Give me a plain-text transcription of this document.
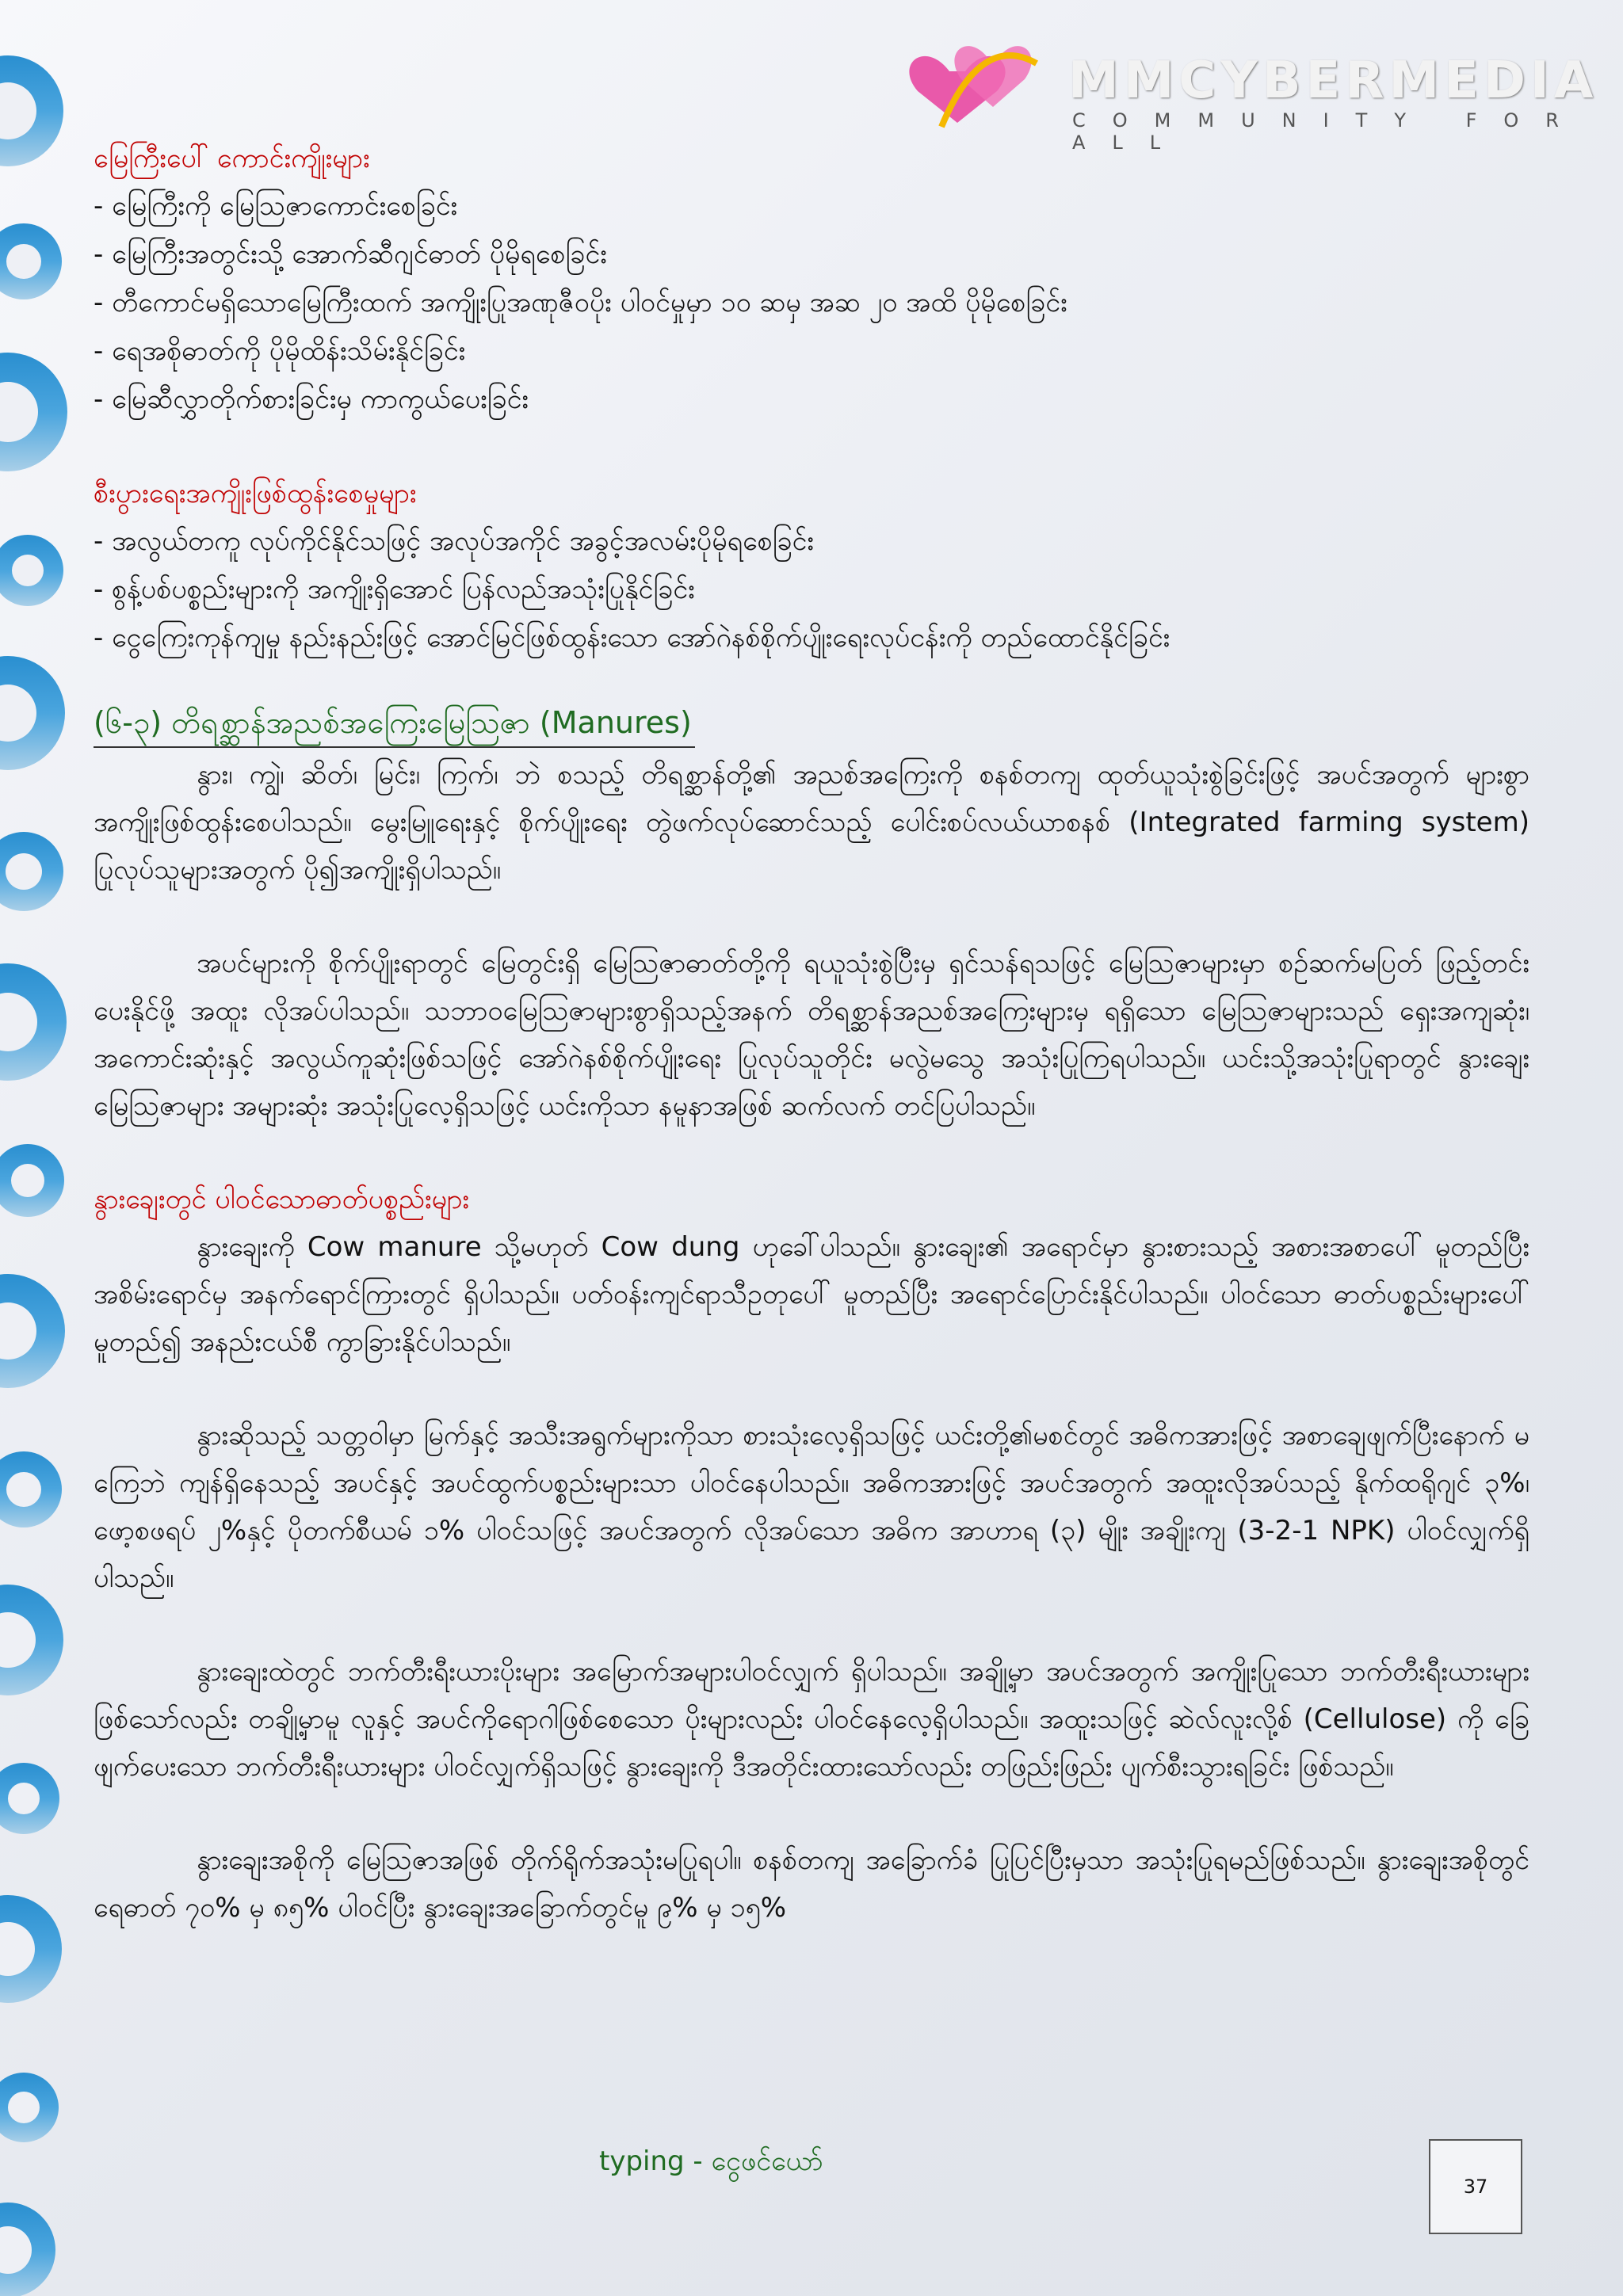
MMCYBERMEDIA
COMMUNITY FOR ALL

မြေကြီးပေါ် ကောင်းကျိုးများ

- မြေကြီးကို မြေဩဇာကောင်းစေခြင်း

- မြေကြီးအတွင်းသို့ အောက်ဆီဂျင်ဓာတ် ပိုမိုရစေခြင်း

- တီကောင်မရှိသောမြေကြီးထက် အကျိုးပြုအဏုဇီဝပိုး ပါဝင်မှုမှာ ၁၀ ဆမှ အဆ ၂၀ အထိ ပိုမိုစေခြင်း

- ရေအစိုဓာတ်ကို ပိုမိုထိန်းသိမ်းနိုင်ခြင်း

- မြေဆီလွှာတိုက်စားခြင်းမှ ကာကွယ်ပေးခြင်း

စီးပွားရေးအကျိုးဖြစ်ထွန်းစေမှုများ

- အလွယ်တကူ လုပ်ကိုင်နိုင်သဖြင့် အလုပ်အကိုင် အခွင့်အလမ်းပိုမိုရစေခြင်း

- စွန့်ပစ်ပစ္စည်းများကို အကျိုးရှိအောင် ပြန်လည်အသုံးပြုနိုင်ခြင်း

- ငွေကြေးကုန်ကျမှု နည်းနည်းဖြင့် အောင်မြင်ဖြစ်ထွန်းသော အော်ဂဲနစ်စိုက်ပျိုးရေးလုပ်ငန်းကို တည်ထောင်နိုင်ခြင်း

(၆-၃) တိရစ္ဆာန်အညစ်အကြေးမြေဩဇာ (Manures)

နွား၊ ကျွဲ၊ ဆိတ်၊ မြင်း၊ ကြက်၊ ဘဲ စသည့် တိရစ္ဆာန်တို့၏ အညစ်အကြေးကို စနစ်တကျ ထုတ်ယူသုံးစွဲခြင်းဖြင့် အပင်အတွက် များစွာအကျိုးဖြစ်ထွန်းစေပါသည်။ မွေးမြူရေးနှင့် စိုက်ပျိုးရေး တွဲဖက်လုပ်ဆောင်သည့် ပေါင်းစပ်လယ်ယာစနစ် (Integrated farming system) ပြုလုပ်သူများအတွက် ပို၍အကျိုးရှိပါသည်။

အပင်များကို စိုက်ပျိုးရာတွင် မြေတွင်းရှိ မြေဩဇာဓာတ်တို့ကို ရယူသုံးစွဲပြီးမှ ရှင်သန်ရသဖြင့် မြေဩဇာများမှာ စဉ်ဆက်မပြတ် ဖြည့်တင်းပေးနိုင်ဖို့ အထူး လိုအပ်ပါသည်။ သဘာဝမြေဩဇာများစွာရှိသည့်အနက် တိရစ္ဆာန်အညစ်အကြေးများမှ ရရှိသော မြေဩဇာများသည် ရှေးအကျဆုံး၊ အကောင်းဆုံးနှင့် အလွယ်ကူဆုံးဖြစ်သဖြင့် အော်ဂဲနစ်စိုက်ပျိုးရေး ပြုလုပ်သူတိုင်း မလွဲမသွေ အသုံးပြုကြရပါသည်။ ယင်းသို့အသုံးပြုရာတွင် နွားချေးမြေဩဇာများ အများဆုံး အသုံးပြုလေ့ရှိသဖြင့် ယင်းကိုသာ နမူနာအဖြစ် ဆက်လက် တင်ပြပါသည်။

နွားချေးတွင် ပါဝင်သောဓာတ်ပစ္စည်းများ

နွားချေးကို Cow manure သို့မဟုတ် Cow dung ဟုခေါ်ပါသည်။ နွားချေး၏ အရောင်မှာ နွားစားသည့် အစားအစာပေါ် မူတည်ပြီး အစိမ်းရောင်မှ အနက်ရောင်ကြားတွင် ရှိပါသည်။ ပတ်ဝန်းကျင်ရာသီဥတုပေါ် မူတည်ပြီး အရောင်ပြောင်းနိုင်ပါသည်။ ပါဝင်သော ဓာတ်ပစ္စည်းများပေါ် မူတည်၍ အနည်းငယ်စီ ကွာခြားနိုင်ပါသည်။

နွားဆိုသည့် သတ္တဝါမှာ မြက်နှင့် အသီးအရွက်များကိုသာ စားသုံးလေ့ရှိသဖြင့် ယင်းတို့၏မစင်တွင် အဓိကအားဖြင့် အစာချေဖျက်ပြီးနောက် မကြေဘဲ ကျန်ရှိနေသည့် အပင်နှင့် အပင်ထွက်ပစ္စည်းများသာ ပါဝင်နေပါသည်။ အဓိကအားဖြင့် အပင်အတွက် အထူးလိုအပ်သည့် နိုက်ထရိုဂျင် ၃%၊ ဖော့စဖရပ် ၂%နှင့် ပိုတက်စီယမ် ၁% ပါဝင်သဖြင့် အပင်အတွက် လိုအပ်သော အဓိက အာဟာရ (၃) မျိုး အချိုးကျ (3-2-1 NPK) ပါဝင်လျှက်ရှိပါသည်။

နွားချေးထဲတွင် ဘက်တီးရီးယားပိုးများ အမြောက်အများပါဝင်လျှက် ရှိပါသည်။ အချို့မှာ အပင်အတွက် အကျိုးပြုသော ဘက်တီးရီးယားများဖြစ်သော်လည်း တချို့မှာမူ လူနှင့် အပင်ကိုရောဂါဖြစ်စေသော ပိုးများလည်း ပါဝင်နေလေ့ရှိပါသည်။ အထူးသဖြင့် ဆဲလ်လူးလို့စ် (Cellulose) ကို ခြေဖျက်ပေးသော ဘက်တီးရီးယားများ ပါဝင်လျှက်ရှိသဖြင့် နွားချေးကို ဒီအတိုင်းထားသော်လည်း တဖြည်းဖြည်း ပျက်စီးသွားရခြင်း ဖြစ်သည်။

နွားချေးအစိုကို မြေဩဇာအဖြစ် တိုက်ရိုက်အသုံးမပြုရပါ။ စနစ်တကျ အခြောက်ခံ ပြုပြင်ပြီးမှသာ အသုံးပြုရမည်ဖြစ်သည်။ နွားချေးအစိုတွင် ရေဓာတ် ၇၀% မှ ၈၅% ပါဝင်ပြီး နွားချေးအခြောက်တွင်မူ ၉% မှ ၁၅%

typing - ငွေဖင်ယော်
37
